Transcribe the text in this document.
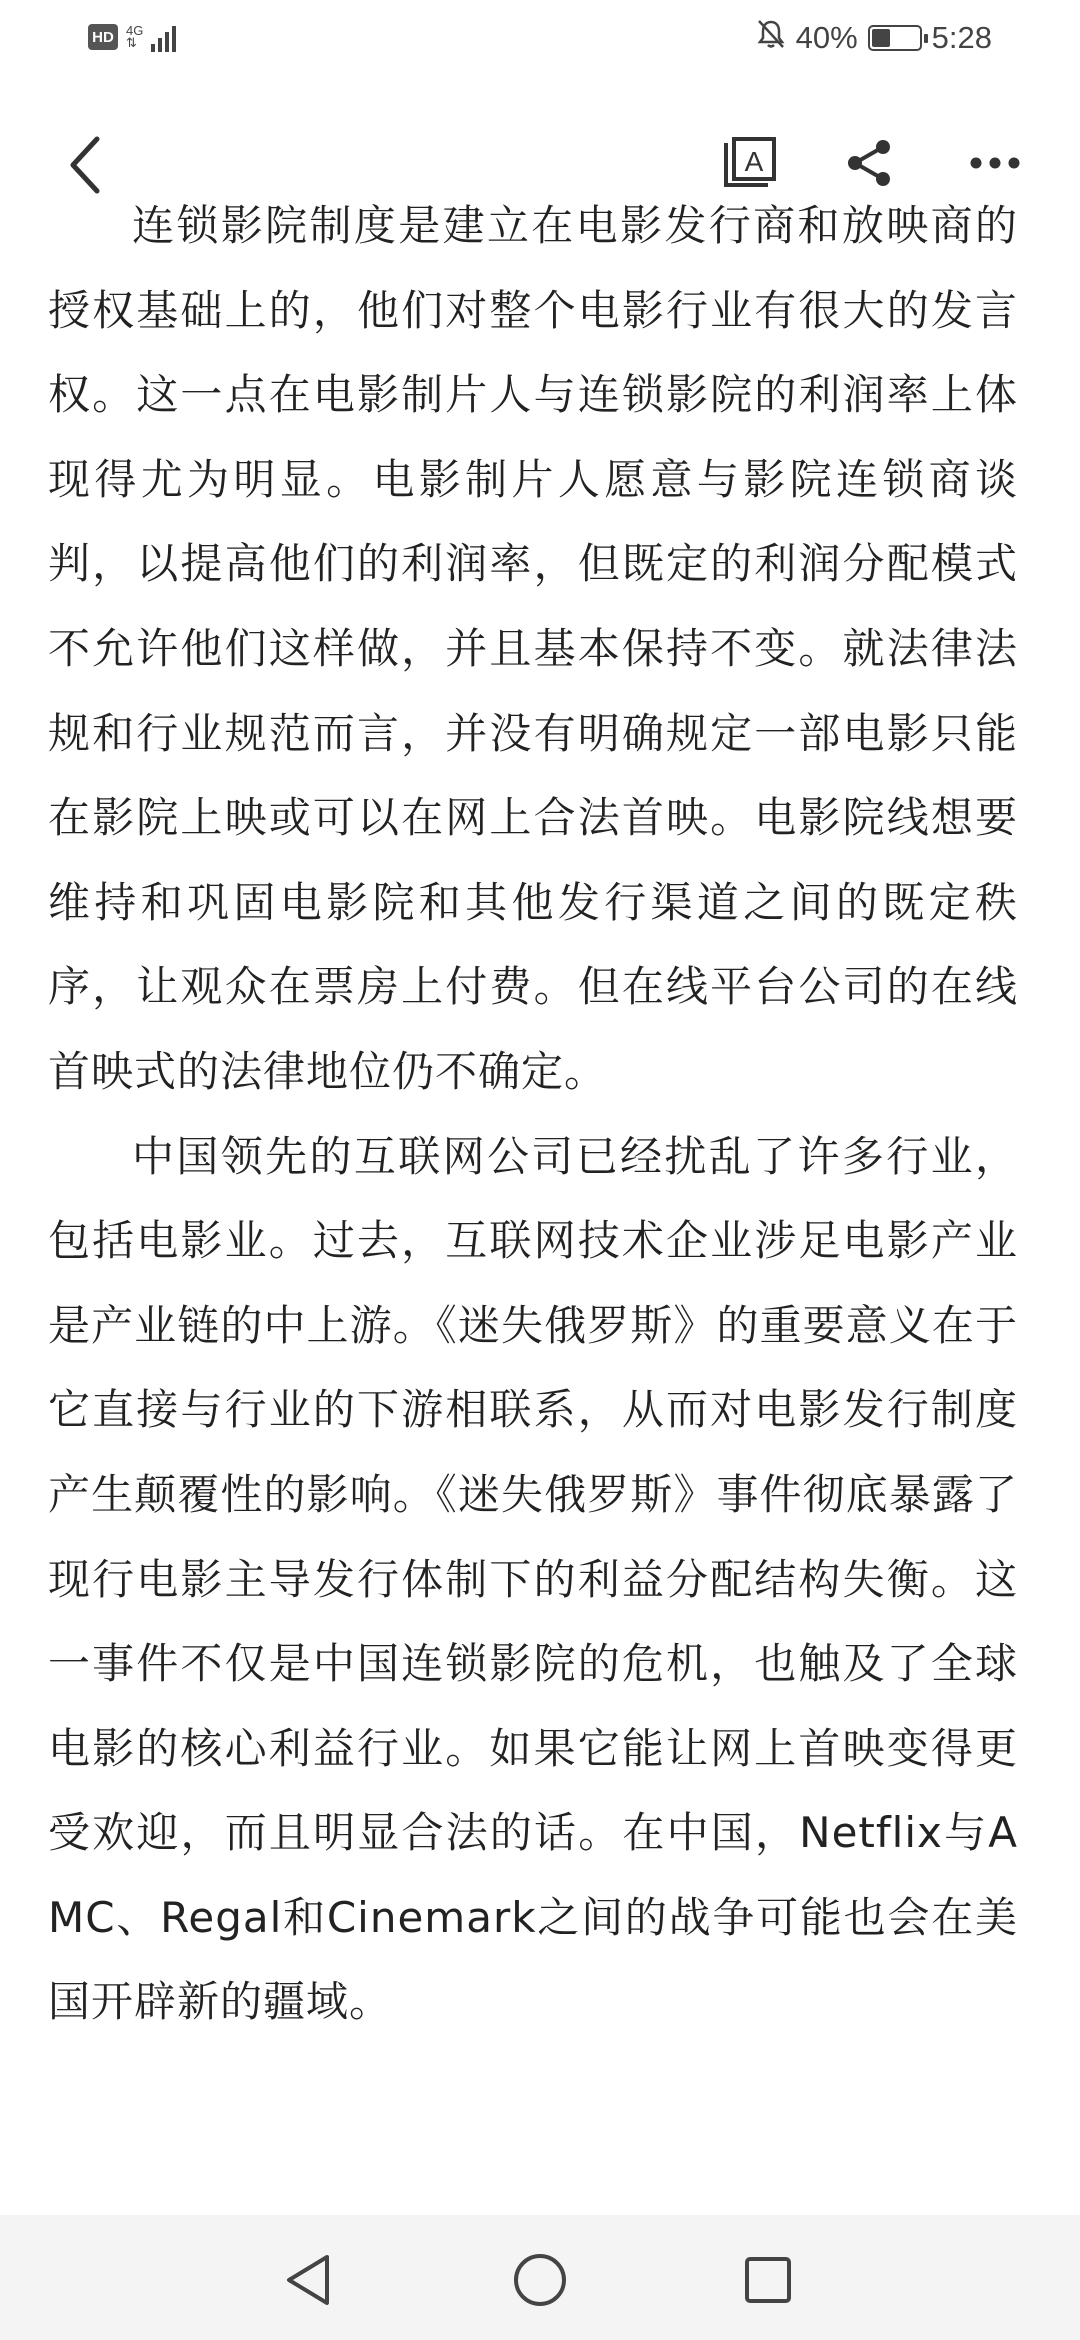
HD 4G
⇅	40% 5:28
A

连锁影院制度是建立在电影发行商和放映商的授权基础上的，他们对整个电影行业有很大的发言权。这一点在电影制片人与连锁影院的利润率上体现得尤为明显。电影制片人愿意与影院连锁商谈判，以提高他们的利润率，但既定的利润分配模式不允许他们这样做，并且基本保持不变。就法律法规和行业规范而言，并没有明确规定一部电影只能在影院上映或可以在网上合法首映。电影院线想要维持和巩固电影院和其他发行渠道之间的既定秩序，让观众在票房上付费。但在线平台公司的在线首映式的法律地位仍不确定。

中国领先的互联网公司已经扰乱了许多行业，包括电影业。过去，互联网技术企业涉足电影产业是产业链的中上游。《迷失俄罗斯》的重要意义在于它直接与行业的下游相联系，从而对电影发行制度产生颠覆性的影响。《迷失俄罗斯》事件彻底暴露了现行电影主导发行体制下的利益分配结构失衡。这一事件不仅是中国连锁影院的危机，也触及了全球电影的核心利益行业。如果它能让网上首映变得更受欢迎，而且明显合法的话。在中国，Netflix与AMC、Regal和Cinemark之间的战争可能也会在美国开辟新的疆域。
